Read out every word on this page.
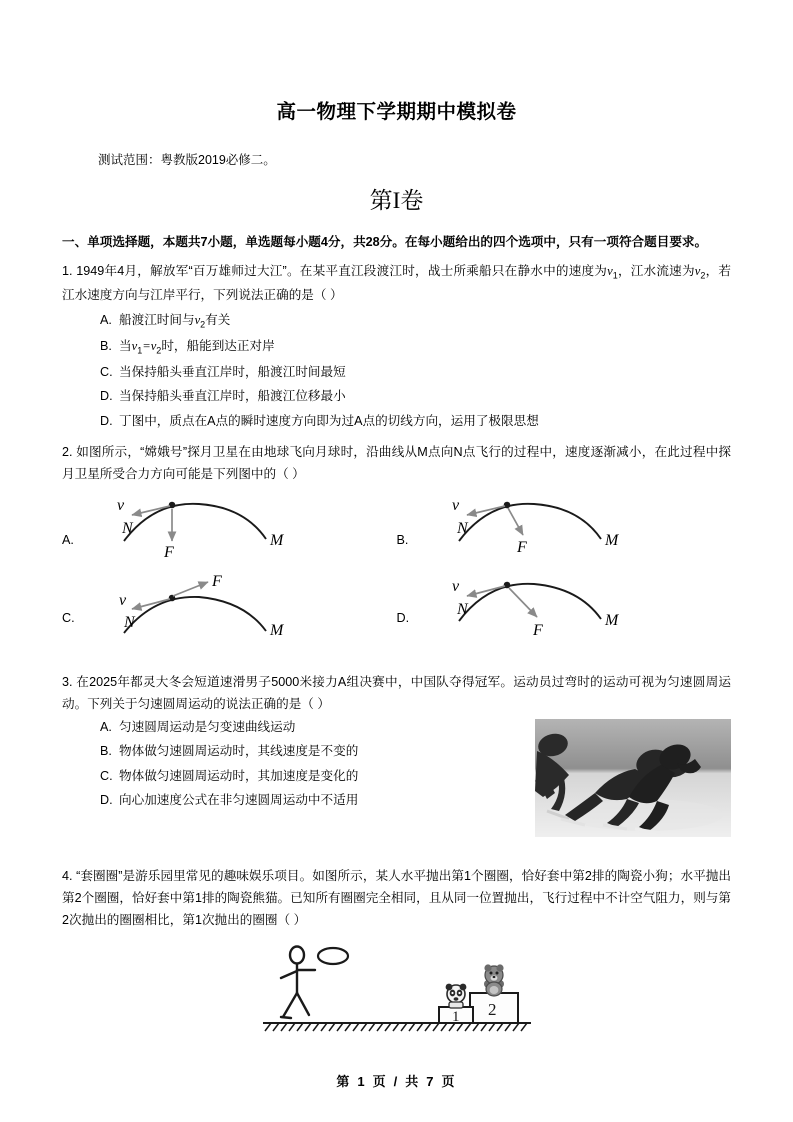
高一物理下学期期中模拟卷
测试范围：粤教版2019必修二。
第I卷
一、单项选择题，本题共7小题，单选题每小题4分，共28分。在每小题给出的四个选项中，只有一项符合题目要求。
1. 1949年4月，解放军“百万雄师过大江”。在某平直江段渡江时，战士所乘船只在静水中的速度为$v_1$，江水流速为$v_2$，若江水速度方向与江岸平行，下列说法正确的是（ ）
A. 船渡江时间与$v_2$有关
B. 当$v_1=v_2$时，船能到达正对岸
C. 当保持船头垂直江岸时，船渡江时间最短
D. 当保持船头垂直江岸时，船渡江位移最小
D. 丁图中，质点在A点的瞬时速度方向即为过A点的切线方向，运用了极限思想
2. 如图所示，“嫦娥号”探月卫星在由地球飞向月球时，沿曲线从M点向N点飞行的过程中，速度逐渐减小，在此过程中探月卫星所受合力方向可能是下列图中的（ ）
A.
v
N
M
F
B.
v
N
M
F
C.
v
N	M
F
D.
v
N
M
F
3. 在2025年都灵大冬会短道速滑男子5000米接力A组决赛中，中国队夺得冠军。运动员过弯时的运动可视为匀速圆周运动。下列关于匀速圆周运动的说法正确的是（ ）
A. 匀速圆周运动是匀变速曲线运动
B. 物体做匀速圆周运动时，其线速度是不变的
C. 物体做匀速圆周运动时，其加速度是变化的
D. 向心加速度公式在非匀速圆周运动中不适用
4. “套圈圈”是游乐园里常见的趣味娱乐项目。如图所示，某人水平抛出第1个圈圈，恰好套中第2排的陶瓷小狗；水平抛出第2个圈圈，恰好套中第1排的陶瓷熊猫。已知所有圈圈完全相同，且从同一位置抛出，飞行过程中不计空气阻力，则与第2次抛出的圈圈相比，第1次抛出的圈圈（ ）
2
1
第 1 页 / 共 7 页
